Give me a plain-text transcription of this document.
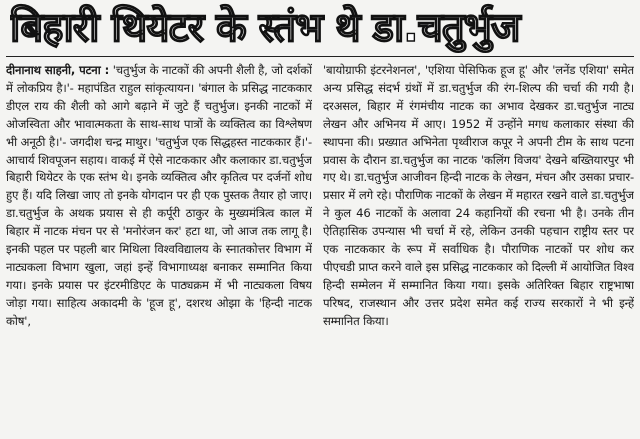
बिहारी थियेटर के स्तंभ थे डा.चतुर्भुज

दीनानाथ साहनी, पटना : 'चतुर्भुज के नाटकों की अपनी शैली है, जो दर्शकों में लोकप्रिय है।'- महापंडित राहुल सांकृत्यायन। 'बंगाल के प्रसिद्ध नाटककार डीएल राय की शैली को आगे बढ़ाने में जुटे हैं चतुर्भुज। इनकी नाटकों में ओजस्विता और भावात्मकता के साथ-साथ पात्रों के व्यक्तित्व का विश्लेषण भी अनूठी है।'- जगदीश चन्द्र माथुर। 'चतुर्भुज एक सिद्धहस्त नाटककार हैं।'- आचार्य शिवपूजन सहाय। वाकई में ऐसे नाटककार और कलाकार डा.चतुर्भुज बिहारी थियेटर के एक स्तंभ थे। इनके व्यक्तित्व और कृतित्व पर दर्जनों शोध हुए हैं। यदि लिखा जाए तो इनके योगदान पर ही एक पुस्तक तैयार हो जाए। डा.चतुर्भुज के अथक प्रयास से ही कर्पूरी ठाकुर के मुख्यमंत्रित्व काल में बिहार में नाटक मंचन पर से 'मनोरंजन कर' हटा था, जो आज तक लागू है। इनकी पहल पर पहली बार मिथिला विश्वविद्यालय के स्नातकोत्तर विभाग में नाट्यकला विभाग खुला, जहां इन्हें विभागाध्यक्ष बनाकर सम्मानित किया गया। इनके प्रयास पर इंटरमीडिएट के पाठ्यक्रम में भी नाट्यकला विषय जोड़ा गया। साहित्य अकादमी के 'हूज हू', दशरथ ओझा के 'हिन्दी नाटक कोष',

'बायोग्राफी इंटरनेशनल', 'एशिया पेसिफिक हूज हू' और 'लनेंड एशिया' समेत अन्य प्रसिद्ध संदर्भ ग्रंथों में डा.चतुर्भुज की रंग-शिल्प की चर्चा की गयी है। दरअसल, बिहार में रंगमंचीय नाटक का अभाव देखकर डा.चतुर्भुज नाट्य लेखन और अभिनय में आए। 1952 में उन्होंने मगध कलाकार संस्था की स्थापना की। प्रख्यात अभिनेता पृथ्वीराज कपूर ने अपनी टीम के साथ पटना प्रवास के दौरान डा.चतुर्भुज का नाटक 'कलिंग विजय' देखने बख्तियारपुर भी गए थे। डा.चतुर्भुज आजीवन हिन्दी नाटक के लेखन, मंचन और उसका प्रचार-प्रसार में लगे रहे। पौराणिक नाटकों के लेखन में महारत रखने वाले डा.चतुर्भुज ने कुल 46 नाटकों के अलावा 24 कहानियों की रचना भी है। उनके तीन ऐतिहासिक उपन्यास भी चर्चा में रहे, लेकिन उनकी पहचान राष्ट्रीय स्तर पर एक नाटककार के रूप में सर्वाधिक है। पौराणिक नाटकों पर शोध कर पीएचडी प्राप्त करने वाले इस प्रसिद्ध नाटककार को दिल्ली में आयोजित विश्व हिन्दी सम्मेलन में सम्मानित किया गया। इसके अतिरिक्त बिहार राष्ट्रभाषा परिषद, राजस्थान और उत्तर प्रदेश समेत कई राज्य सरकारों ने भी इन्हें सम्मानित किया।
